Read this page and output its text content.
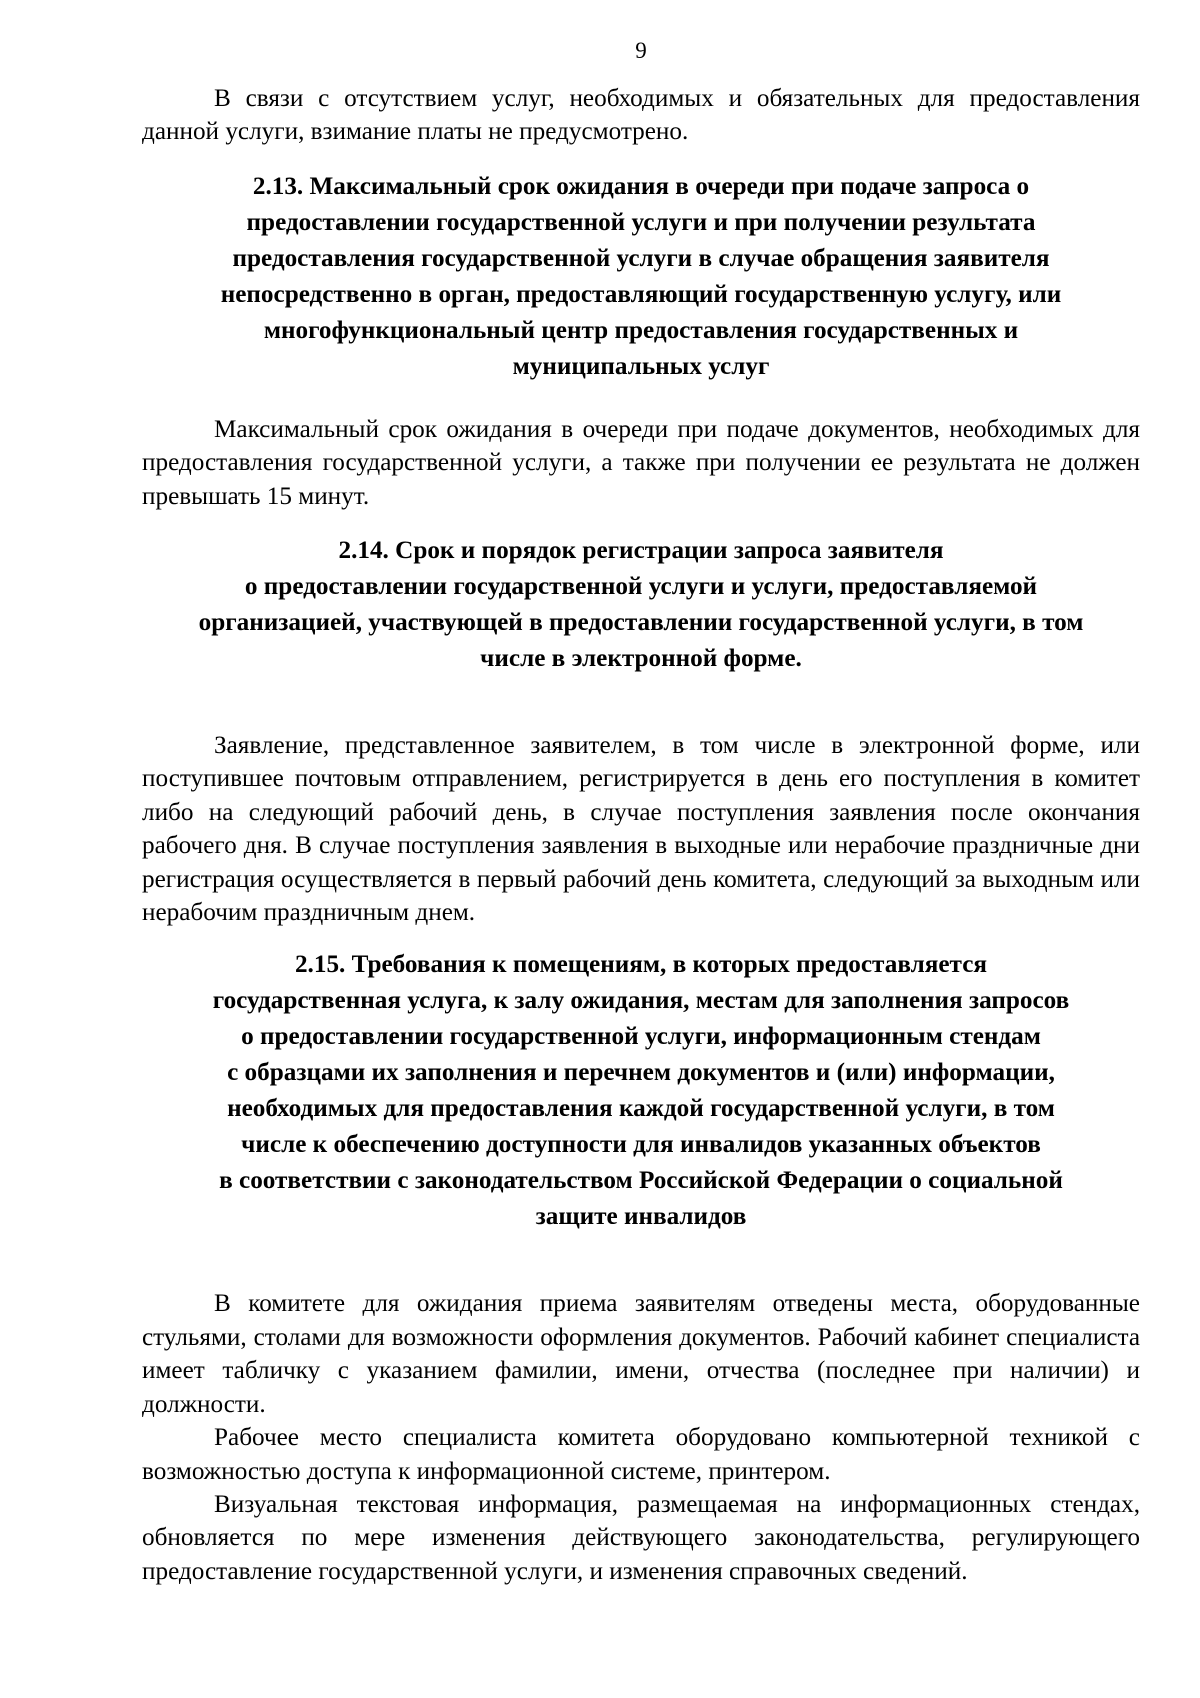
9

В связи с отсутствием услуг, необходимых и обязательных для предоставления данной услуги, взимание платы не предусмотрено.

2.13. Максимальный срок ожидания в очереди при подаче запроса о
предоставлении государственной услуги и при получении результата
предоставления государственной услуги в случае обращения заявителя
непосредственно в орган, предоставляющий государственную услугу, или
многофункциональный центр предоставления государственных и
муниципальных услуг

Максимальный срок ожидания в очереди при подаче документов, необходимых для предоставления государственной услуги, а также при получении ее результата не должен превышать 15 минут.

2.14. Срок и порядок регистрации запроса заявителя
о предоставлении государственной услуги и услуги, предоставляемой
организацией, участвующей в предоставлении государственной услуги, в том
числе в электронной форме.

Заявление, представленное заявителем, в том числе в электронной форме, или поступившее почтовым отправлением, регистрируется в день его поступления в комитет либо на следующий рабочий день, в случае поступления заявления после окончания рабочего дня. В случае поступления заявления в выходные или нерабочие праздничные дни регистрация осуществляется в первый рабочий день комитета, следующий за выходным или нерабочим праздничным днем.

2.15. Требования к помещениям, в которых предоставляется
государственная услуга, к залу ожидания, местам для заполнения запросов
о предоставлении государственной услуги, информационным стендам
с образцами их заполнения и перечнем документов и (или) информации,
необходимых для предоставления каждой государственной услуги, в том
числе к обеспечению доступности для инвалидов указанных объектов
в соответствии с законодательством Российской Федерации о социальной
защите инвалидов

В комитете для ожидания приема заявителям отведены места, оборудованные стульями, столами для возможности оформления документов. Рабочий кабинет специалиста имеет табличку с указанием фамилии, имени, отчества (последнее при наличии) и должности.

Рабочее место специалиста комитета оборудовано компьютерной техникой с возможностью доступа к информационной системе, принтером.

Визуальная текстовая информация, размещаемая на информационных стендах, обновляется по мере изменения действующего законодательства, регулирующего предоставление государственной услуги, и изменения справочных сведений.
